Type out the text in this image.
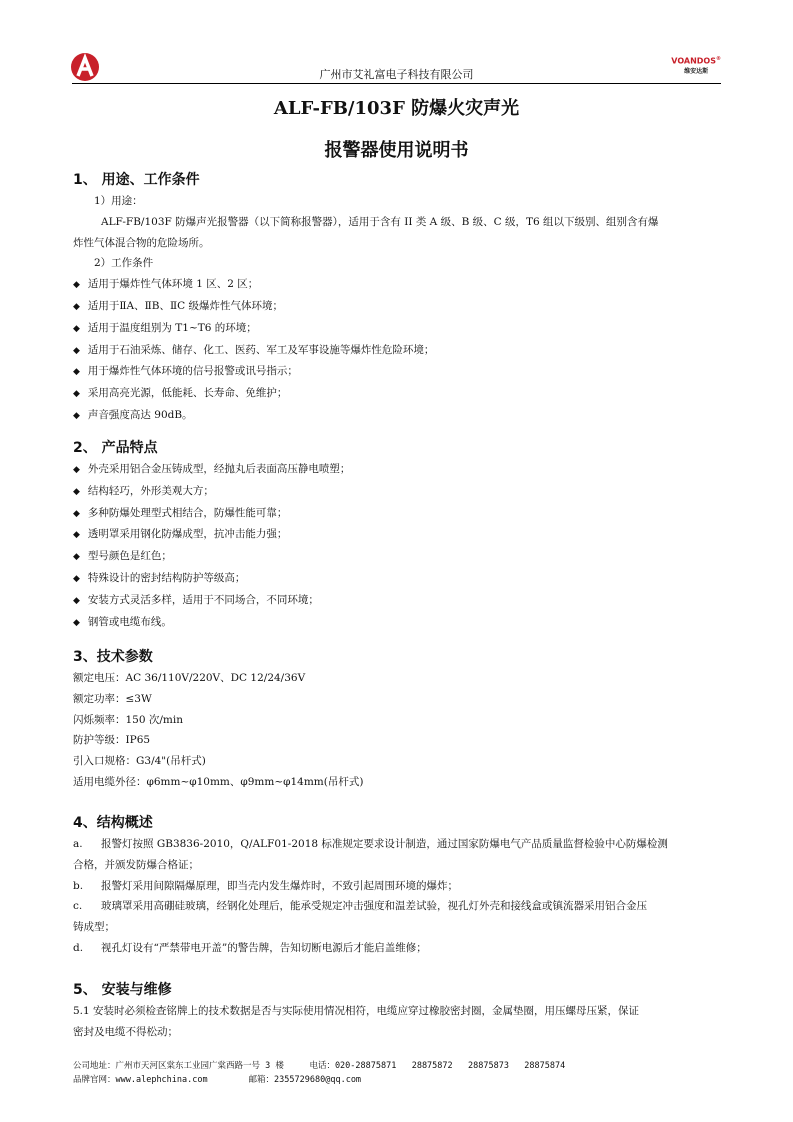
广州市艾礼富电子科技有限公司
VOANDOS®
维安达斯
ALF-FB/103F 防爆火灾声光
报警器使用说明书
1、 用途、工作条件
1）用途：
ALF-FB/103F 防爆声光报警器（以下简称报警器），适用于含有 II 类 A 级、B 级、C 级，T6 组以下级别、组别含有爆
炸性气体混合物的危险场所。
2）工作条件
◆ 适用于爆炸性气体环境 1 区、2 区；
◆ 适用于ⅡA、ⅡB、ⅡC 级爆炸性气体环境；
◆ 适用于温度组别为 T1~T6 的环境；
◆ 适用于石油采炼、储存、化工、医药、军工及军事设施等爆炸性危险环境；
◆ 用于爆炸性气体环境的信号报警或讯号指示；
◆ 采用高亮光源，低能耗、长寿命、免维护；
◆ 声音强度高达 90dB。
2、 产品特点
◆ 外壳采用铝合金压铸成型，经抛丸后表面高压静电喷塑；
◆ 结构轻巧，外形美观大方；
◆ 多种防爆处理型式相结合，防爆性能可靠；
◆ 透明罩采用钢化防爆成型，抗冲击能力强；
◆ 型号颜色是红色；
◆ 特殊设计的密封结构防护等级高；
◆ 安装方式灵活多样，适用于不同场合，不同环境；
◆ 钢管或电缆布线。
3、技术参数
额定电压：AC 36/110V/220V、DC 12/24/36V
额定功率：≤3W
闪烁频率：150 次/min
防护等级：IP65
引入口规格：G3/4"(吊杆式)
适用电缆外径：φ6mm~φ10mm、φ9mm~φ14mm(吊杆式)
4、结构概述
a. 报警灯按照 GB3836-2010，Q/ALF01-2018 标准规定要求设计制造，通过国家防爆电气产品质量监督检验中心防爆检测
合格，并颁发防爆合格证；
b. 报警灯采用间隙隔爆原理，即当壳内发生爆炸时，不致引起周围环境的爆炸；
c. 玻璃罩采用高硼硅玻璃，经钢化处理后，能承受规定冲击强度和温差试验，视孔灯外壳和接线盒或镇流器采用铝合金压
铸成型；
d. 视孔灯设有“严禁带电开盖”的警告牌，告知切断电源后才能启盖维修；
5、 安装与维修
5.1 安装时必须检查铭牌上的技术数据是否与实际使用情况相符，电缆应穿过橡胶密封圈，金属垫圈，用压螺母压紧，保证
密封及电缆不得松动；
公司地址：广州市天河区棠东工业园广棠西路一号 3 楼     电话：020-28875871   28875872   28875873   28875874
品牌官网：www.alephchina.com        邮箱：2355729680@qq.com
